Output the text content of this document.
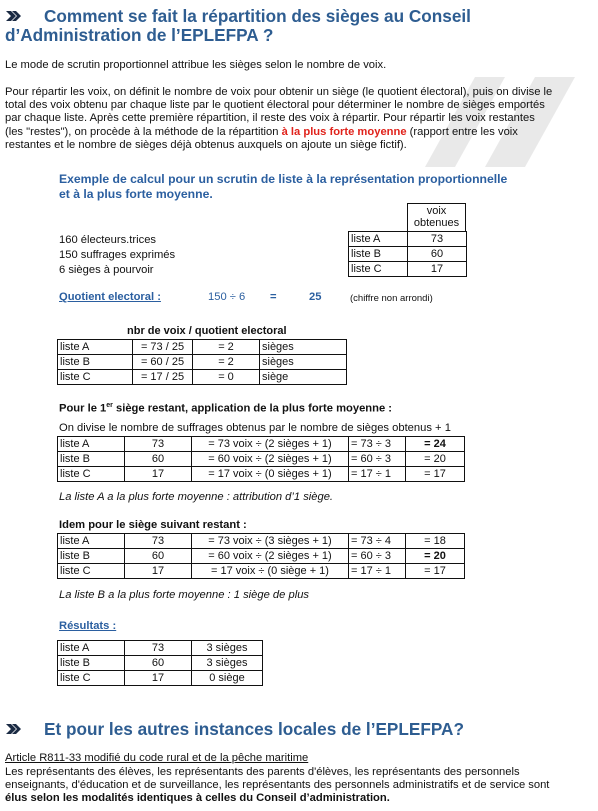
Comment se fait la répartition des sièges au Conseil
d’Administration de l’EPLEFPA ?
Le mode de scrutin proportionnel attribue les sièges selon le nombre de voix.
Pour répartir les voix, on définit le nombre de voix pour obtenir un siège (le quotient électoral), puis on divise le
total des voix obtenu par chaque liste par le quotient électoral pour déterminer le nombre de sièges emportés
par chaque liste. Après cette première répartition, il reste des voix à répartir. Pour répartir les voix restantes
(les "restes"), on procède à la méthode de la répartition à la plus forte moyenne (rapport entre les voix
restantes et le nombre de sièges déjà obtenus auxquels on ajoute un siège fictif).
Exemple de calcul pour un scrutin de liste à la représentation proportionnelle
et à la plus forte moyenne.
160 électeurs.trices
150 suffrages exprimés
6 sièges à pourvoir
voix
obtenues
liste A	73
liste B	60
liste C	17
Quotient electoral :	150 ÷ 6 =	25	(chiffre non arrondi)
nbr de voix / quotient electoral
liste A	= 73 / 25	= 2	sièges
liste B	= 60 / 25	= 2	sièges
liste C	= 17 / 25	= 0	siège
Pour le 1er siège restant, application de la plus forte moyenne :
On divise le nombre de suffrages obtenus par le nombre de sièges obtenus + 1
liste A	73	= 73 voix ÷ (2 sièges + 1)	= 73 ÷ 3	= 24
liste B	60	= 60 voix ÷ (2 sièges + 1)	= 60 ÷ 3	= 20
liste C	17	= 17 voix ÷ (0 sièges + 1)	= 17 ÷ 1	= 17
La liste A a la plus forte moyenne : attribution d’1 siège.
Idem pour le siège suivant restant :
liste A	73	= 73 voix ÷ (3 sièges + 1)	= 73 ÷ 4	= 18
liste B	60	= 60 voix ÷ (2 sièges + 1)	= 60 ÷ 3	= 20
liste C	17	= 17 voix ÷ (0 siège + 1)	= 17 ÷ 1	= 17
La liste B a la plus forte moyenne : 1 siège de plus
Résultats :
liste A	73	3 sièges
liste B	60	3 sièges
liste C	17	0 siège
Et pour les autres instances locales de l’EPLEFPA?
Article R811-33 modifié du code rural et de la pêche maritime
Les représentants des élèves, les représentants des parents d'élèves, les représentants des personnels
enseignants, d'éducation et de surveillance, les représentants des personnels administratifs et de service sont
élus selon les modalités identiques à celles du Conseil d’administration.
